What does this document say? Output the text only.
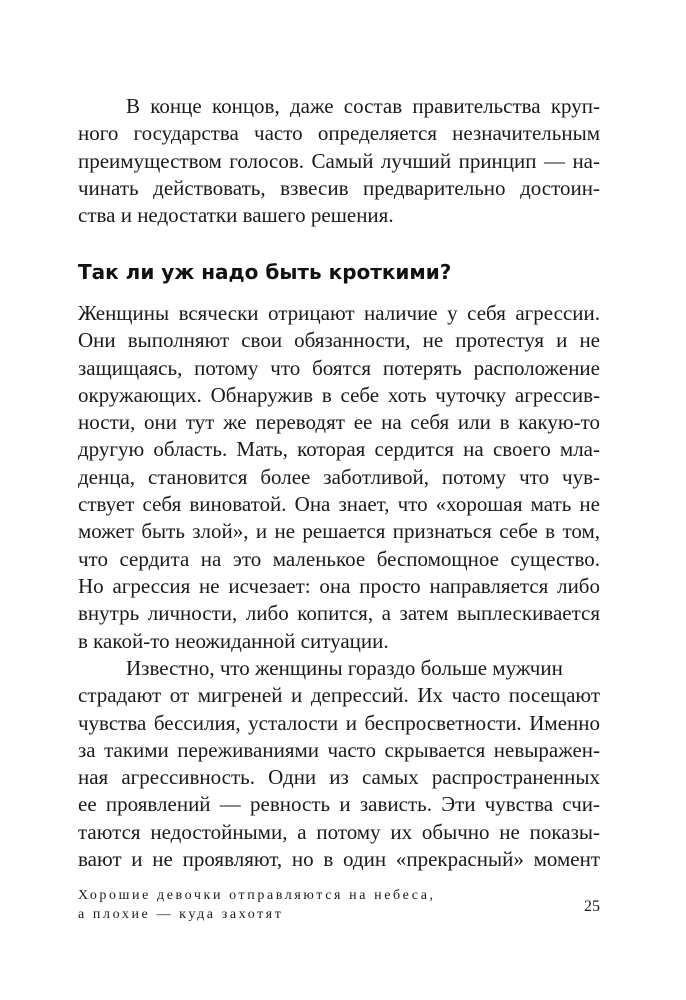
В конце концов, даже состав правительства круп-
ного государства часто определяется незначительным
преимуществом голосов. Самый лучший принцип — на-
чинать действовать, взвесив предварительно достоин-
ства и недостатки вашего решения.
Так ли уж надо быть кроткими?
Женщины всячески отрицают наличие у себя агрессии.
Они выполняют свои обязанности, не протестуя и не
защищаясь, потому что боятся потерять расположение
окружающих. Обнаружив в себе хоть чуточку агрессив-
ности, они тут же переводят ее на себя или в какую-то
другую область. Мать, которая сердится на своего мла-
денца, становится более заботливой, потому что чув-
ствует себя виноватой. Она знает, что «хорошая мать не
может быть злой», и не решается признаться себе в том,
что сердита на это маленькое беспомощное существо.
Но агрессия не исчезает: она просто направляется либо
внутрь личности, либо копится, а затем выплескивается
в какой-то неожиданной ситуации.
Известно, что женщины гораздо больше мужчин
страдают от мигреней и депрессий. Их часто посещают
чувства бессилия, усталости и беспросветности. Именно
за такими переживаниями часто скрывается невыражен-
ная агрессивность. Одни из самых распространенных
ее проявлений — ревность и зависть. Эти чувства счи-
таются недостойными, а потому их обычно не показы-
вают и не проявляют, но в один «прекрасный» момент
Хорошие девочки отправляются на небеса,
а плохие — куда захотят	25
